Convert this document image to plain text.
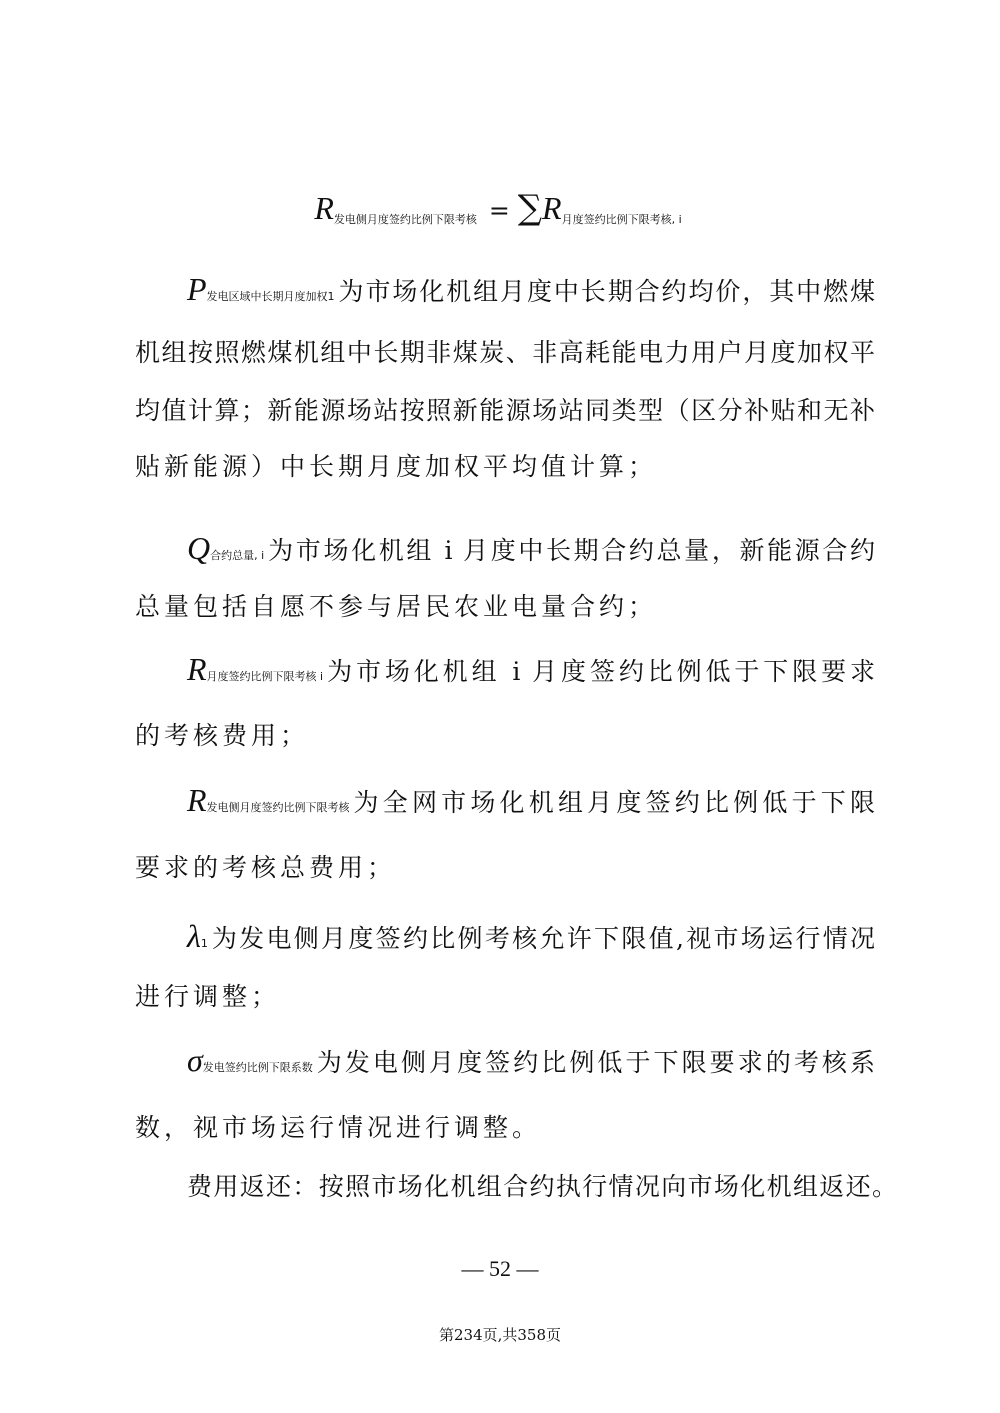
$R_{发电侧月度签约比例下限考核} = \sum R_{月度签约比例下限考核, i}$
P 发电区域中长期月度加权1 为市场化机组月度中长期合约均价，其中燃煤
机组按照燃煤机组中长期非煤炭、非高耗能电力用户月度加权平
均值计算；新能源场站按照新能源场站同类型（区分补贴和无补
贴新能源）中长期月度加权平均值计算；
Q 合约总量, i 为市场化机组 i 月度中长期合约总量，新能源合约
总量包括自愿不参与居民农业电量合约；
R 月度签约比例下限考核 i 为市场化机组 i 月度签约比例低于下限要求
的考核费用；
R 发电侧月度签约比例下限考核 为全网市场化机组月度签约比例低于下限
要求的考核总费用；
λ 1 为发电侧月度签约比例考核允许下限值,视市场运行情况
进行调整；
σ 发电签约比例下限系数 为发电侧月度签约比例低于下限要求的考核系
数，视市场运行情况进行调整。
费用返还：按照市场化机组合约执行情况向市场化机组返还。
— 52 —
第234页,共358页
